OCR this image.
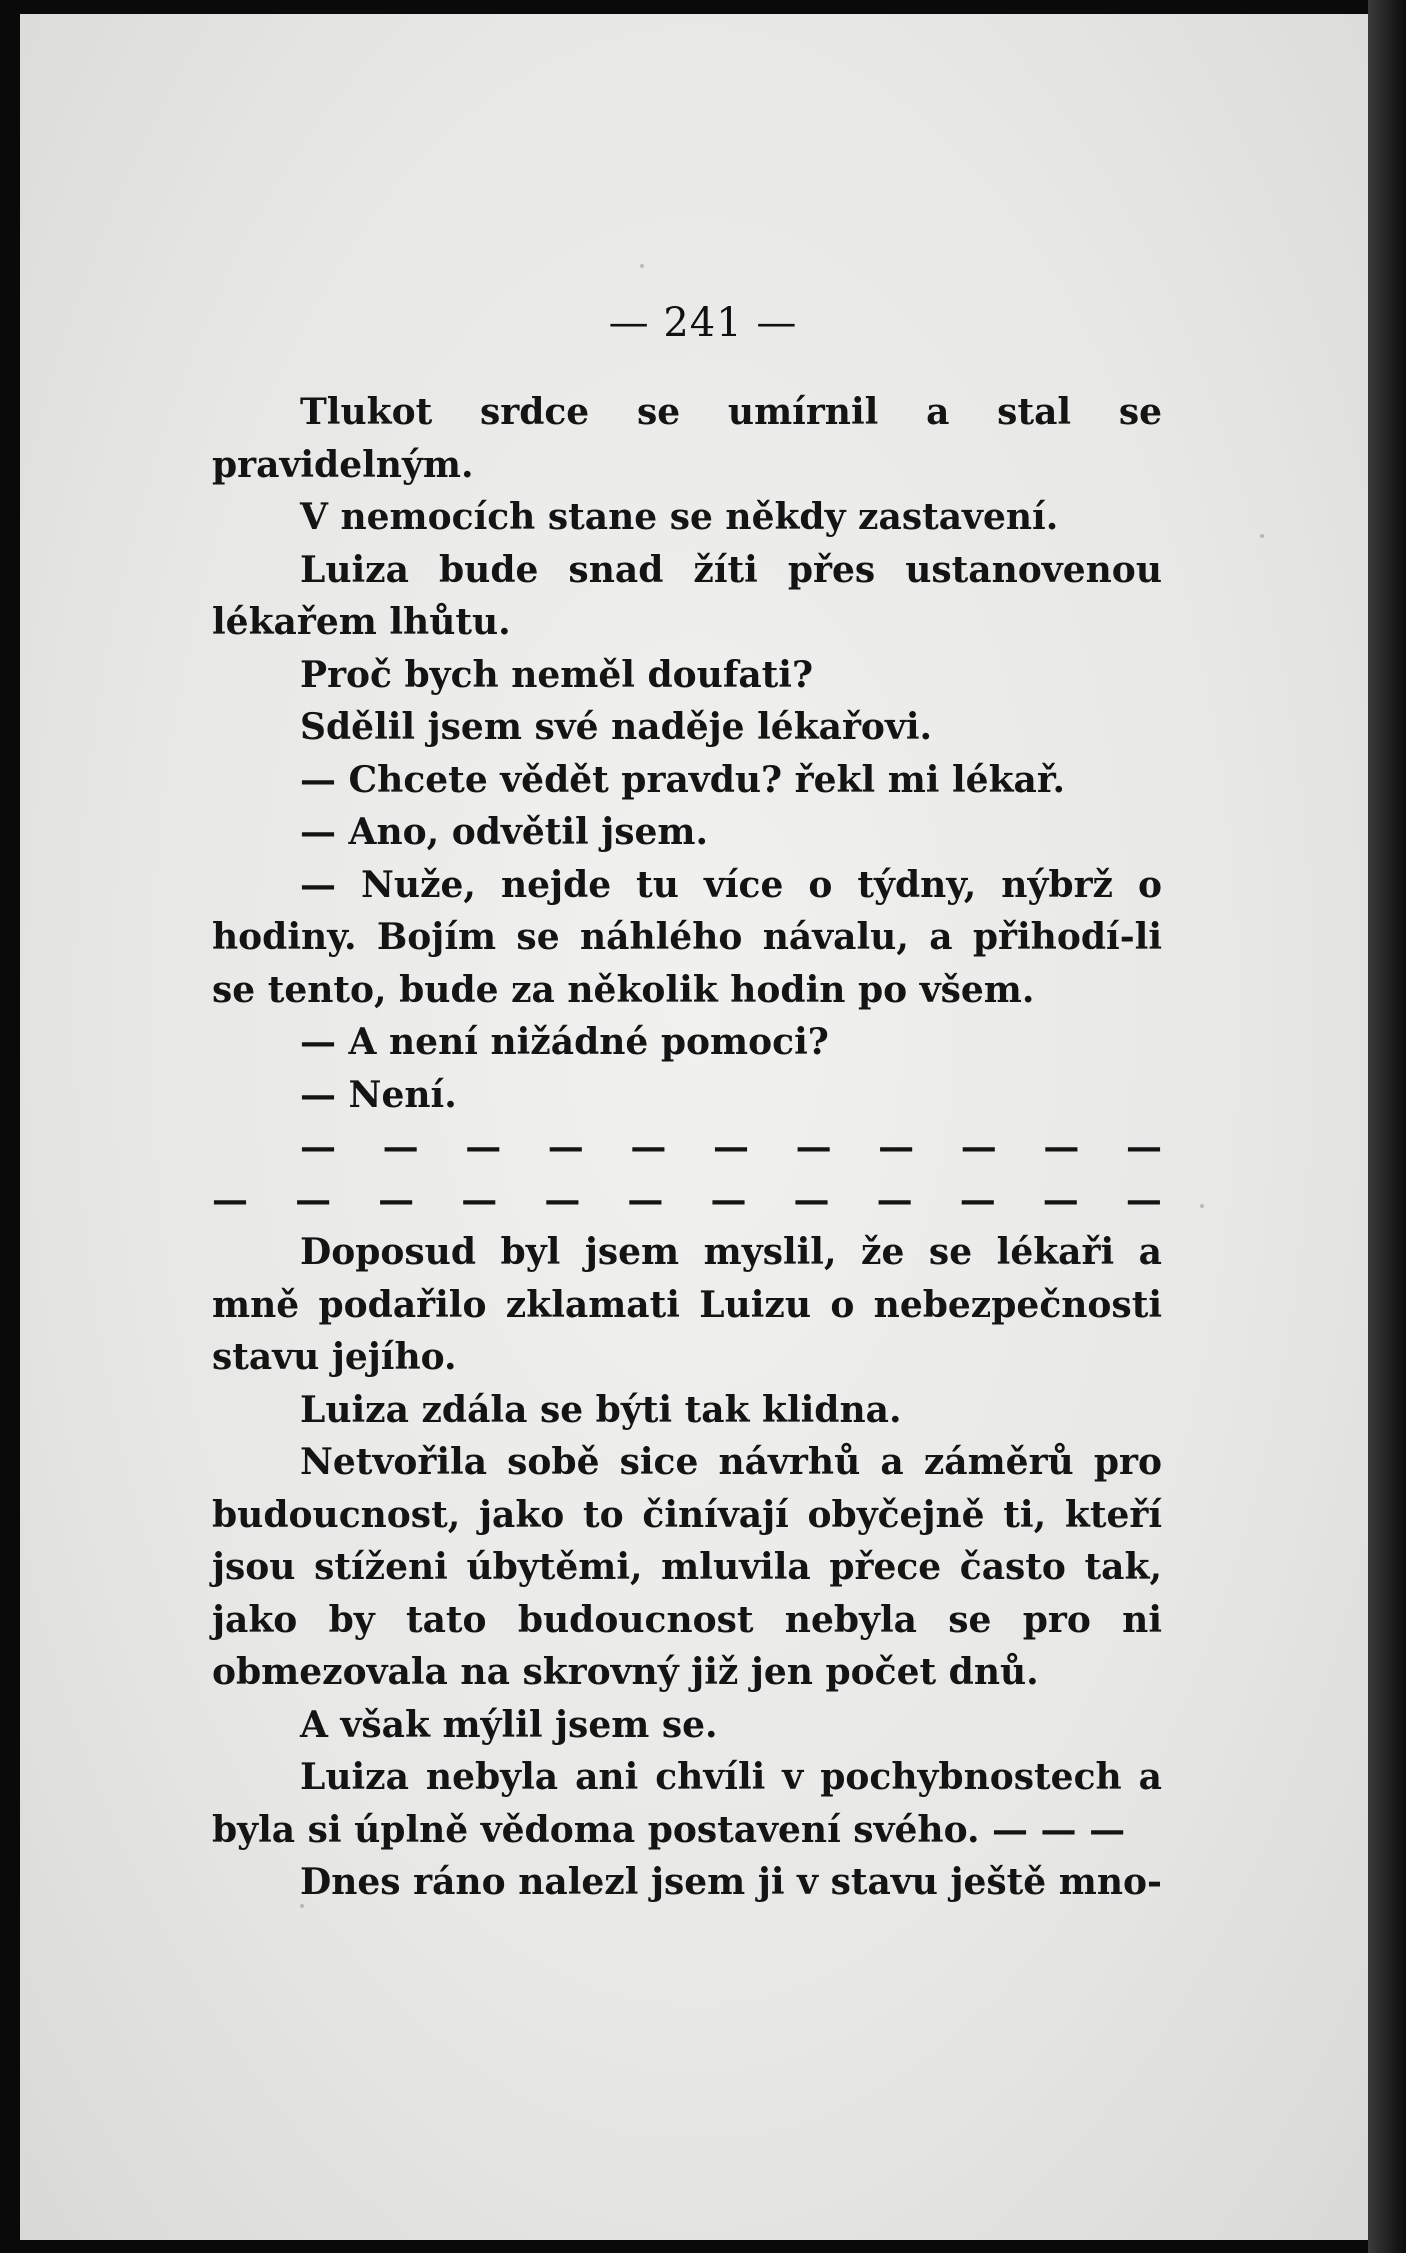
— 241 —
Tlukot srdce se umírnil a stal se pravidelným.
V nemocích stane se někdy zastavení.
Luiza bude snad žíti přes ustanovenou lékařem lhůtu.
Proč bych neměl doufati?
Sdělil jsem své naděje lékařovi.
— Chcete vědět pravdu? řekl mi lékař.
— Ano, odvětil jsem.
— Nuže, nejde tu více o týdny, nýbrž o hodiny. Bojím se náhlého návalu, a přihodí-li se tento, bude za několik hodin po všem.
— A není nižádné pomoci?
— Není.
— — — — — — — — — — —
— — — — — — — — — — — —
Doposud byl jsem myslil, že se lékaři a mně podařilo zklamati Luizu o nebezpečnosti stavu jejího.
Luiza zdála se býti tak klidna.
Netvořila sobě sice návrhů a záměrů pro budoucnost, jako to činívají obyčejně ti, kteří jsou stíženi úbytěmi, mluvila přece často tak, jako by tato budoucnost nebyla se pro ni obmezovala na skrovný již jen počet dnů.
A však mýlil jsem se.
Luiza nebyla ani chvíli v pochybnostech a byla si úplně vědoma postavení svého. — — —
Dnes ráno nalezl jsem ji v stavu ještě mno-
